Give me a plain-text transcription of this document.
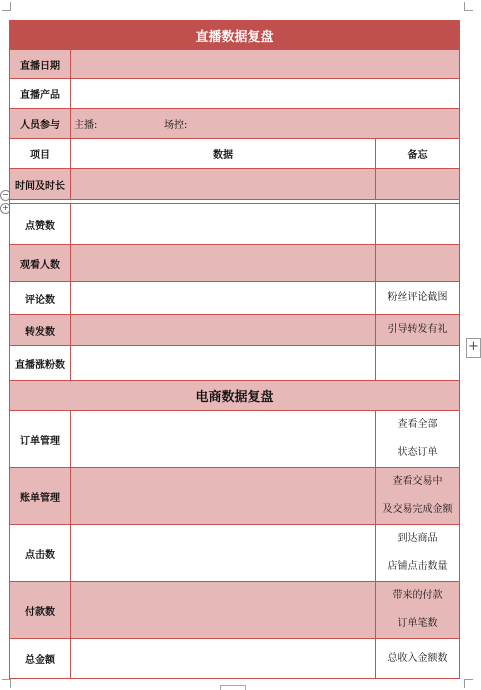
+
−
+
直播数据复盘		
直播日期		
直播产品		
人员参与	主播: 场控:	
项目	数据	备忘
时间及时长		

点赞数		
观看人数		
评论数		粉丝评论截图
转发数		引导转发有礼
直播涨粉数		
电商数据复盘		
订单管理		查看全部
状态订单

账单管理		查看交易中
及交易完成金额

点击数		到达商品
店铺点击数量

付款数		带来的付款
订单笔数

总金额		总收入金额数
